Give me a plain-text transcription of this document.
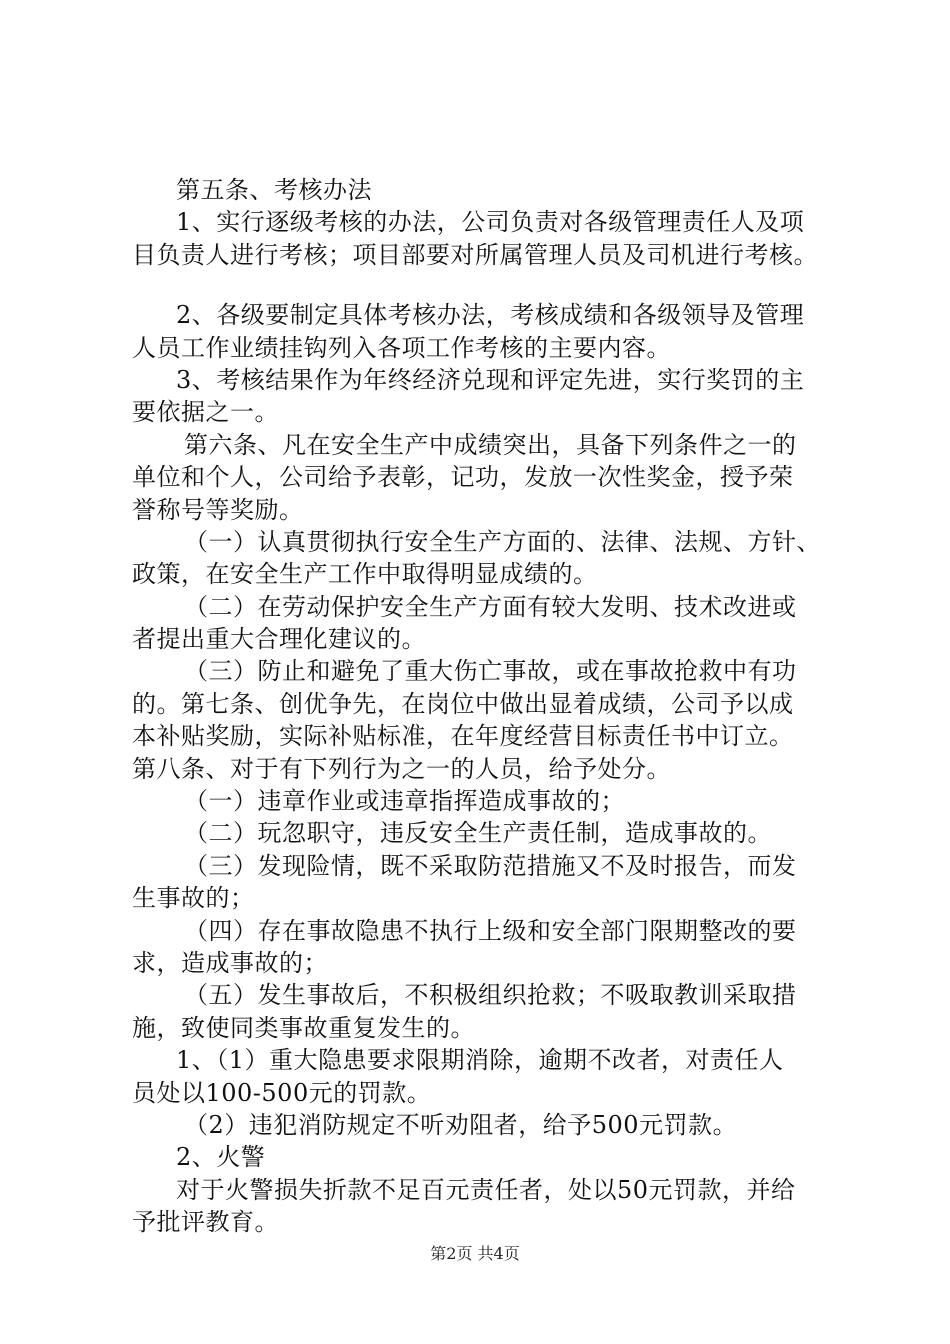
第五条、考核办法
1、实行逐级考核的办法，公司负责对各级管理责任人及项
目负责人进行考核；项目部要对所属管理人员及司机进行考核。
2、各级要制定具体考核办法，考核成绩和各级领导及管理
人员工作业绩挂钩列入各项工作考核的主要内容。
3、考核结果作为年终经济兑现和评定先进，实行奖罚的主
要依据之一。
第六条、凡在安全生产中成绩突出，具备下列条件之一的
单位和个人，公司给予表彰，记功，发放一次性奖金，授予荣
誉称号等奖励。
（一）认真贯彻执行安全生产方面的、法律、法规、方针、
政策，在安全生产工作中取得明显成绩的。
（二）在劳动保护安全生产方面有较大发明、技术改进或
者提出重大合理化建议的。
（三）防止和避免了重大伤亡事故，或在事故抢救中有功
的。第七条、创优争先，在岗位中做出显着成绩，公司予以成
本补贴奖励，实际补贴标准，在年度经营目标责任书中订立。
第八条、对于有下列行为之一的人员，给予处分。
（一）违章作业或违章指挥造成事故的；
（二）玩忽职守，违反安全生产责任制，造成事故的。
（三）发现险情，既不采取防范措施又不及时报告，而发
生事故的；
（四）存在事故隐患不执行上级和安全部门限期整改的要
求，造成事故的；
（五）发生事故后，不积极组织抢救；不吸取教训采取措
施，致使同类事故重复发生的。
1、（1）重大隐患要求限期消除，逾期不改者，对责任人
员处以100-500元的罚款。
（2）违犯消防规定不听劝阻者，给予500元罚款。
2、火警
对于火警损失折款不足百元责任者，处以50元罚款，并给
予批评教育。
第2页 共4页
